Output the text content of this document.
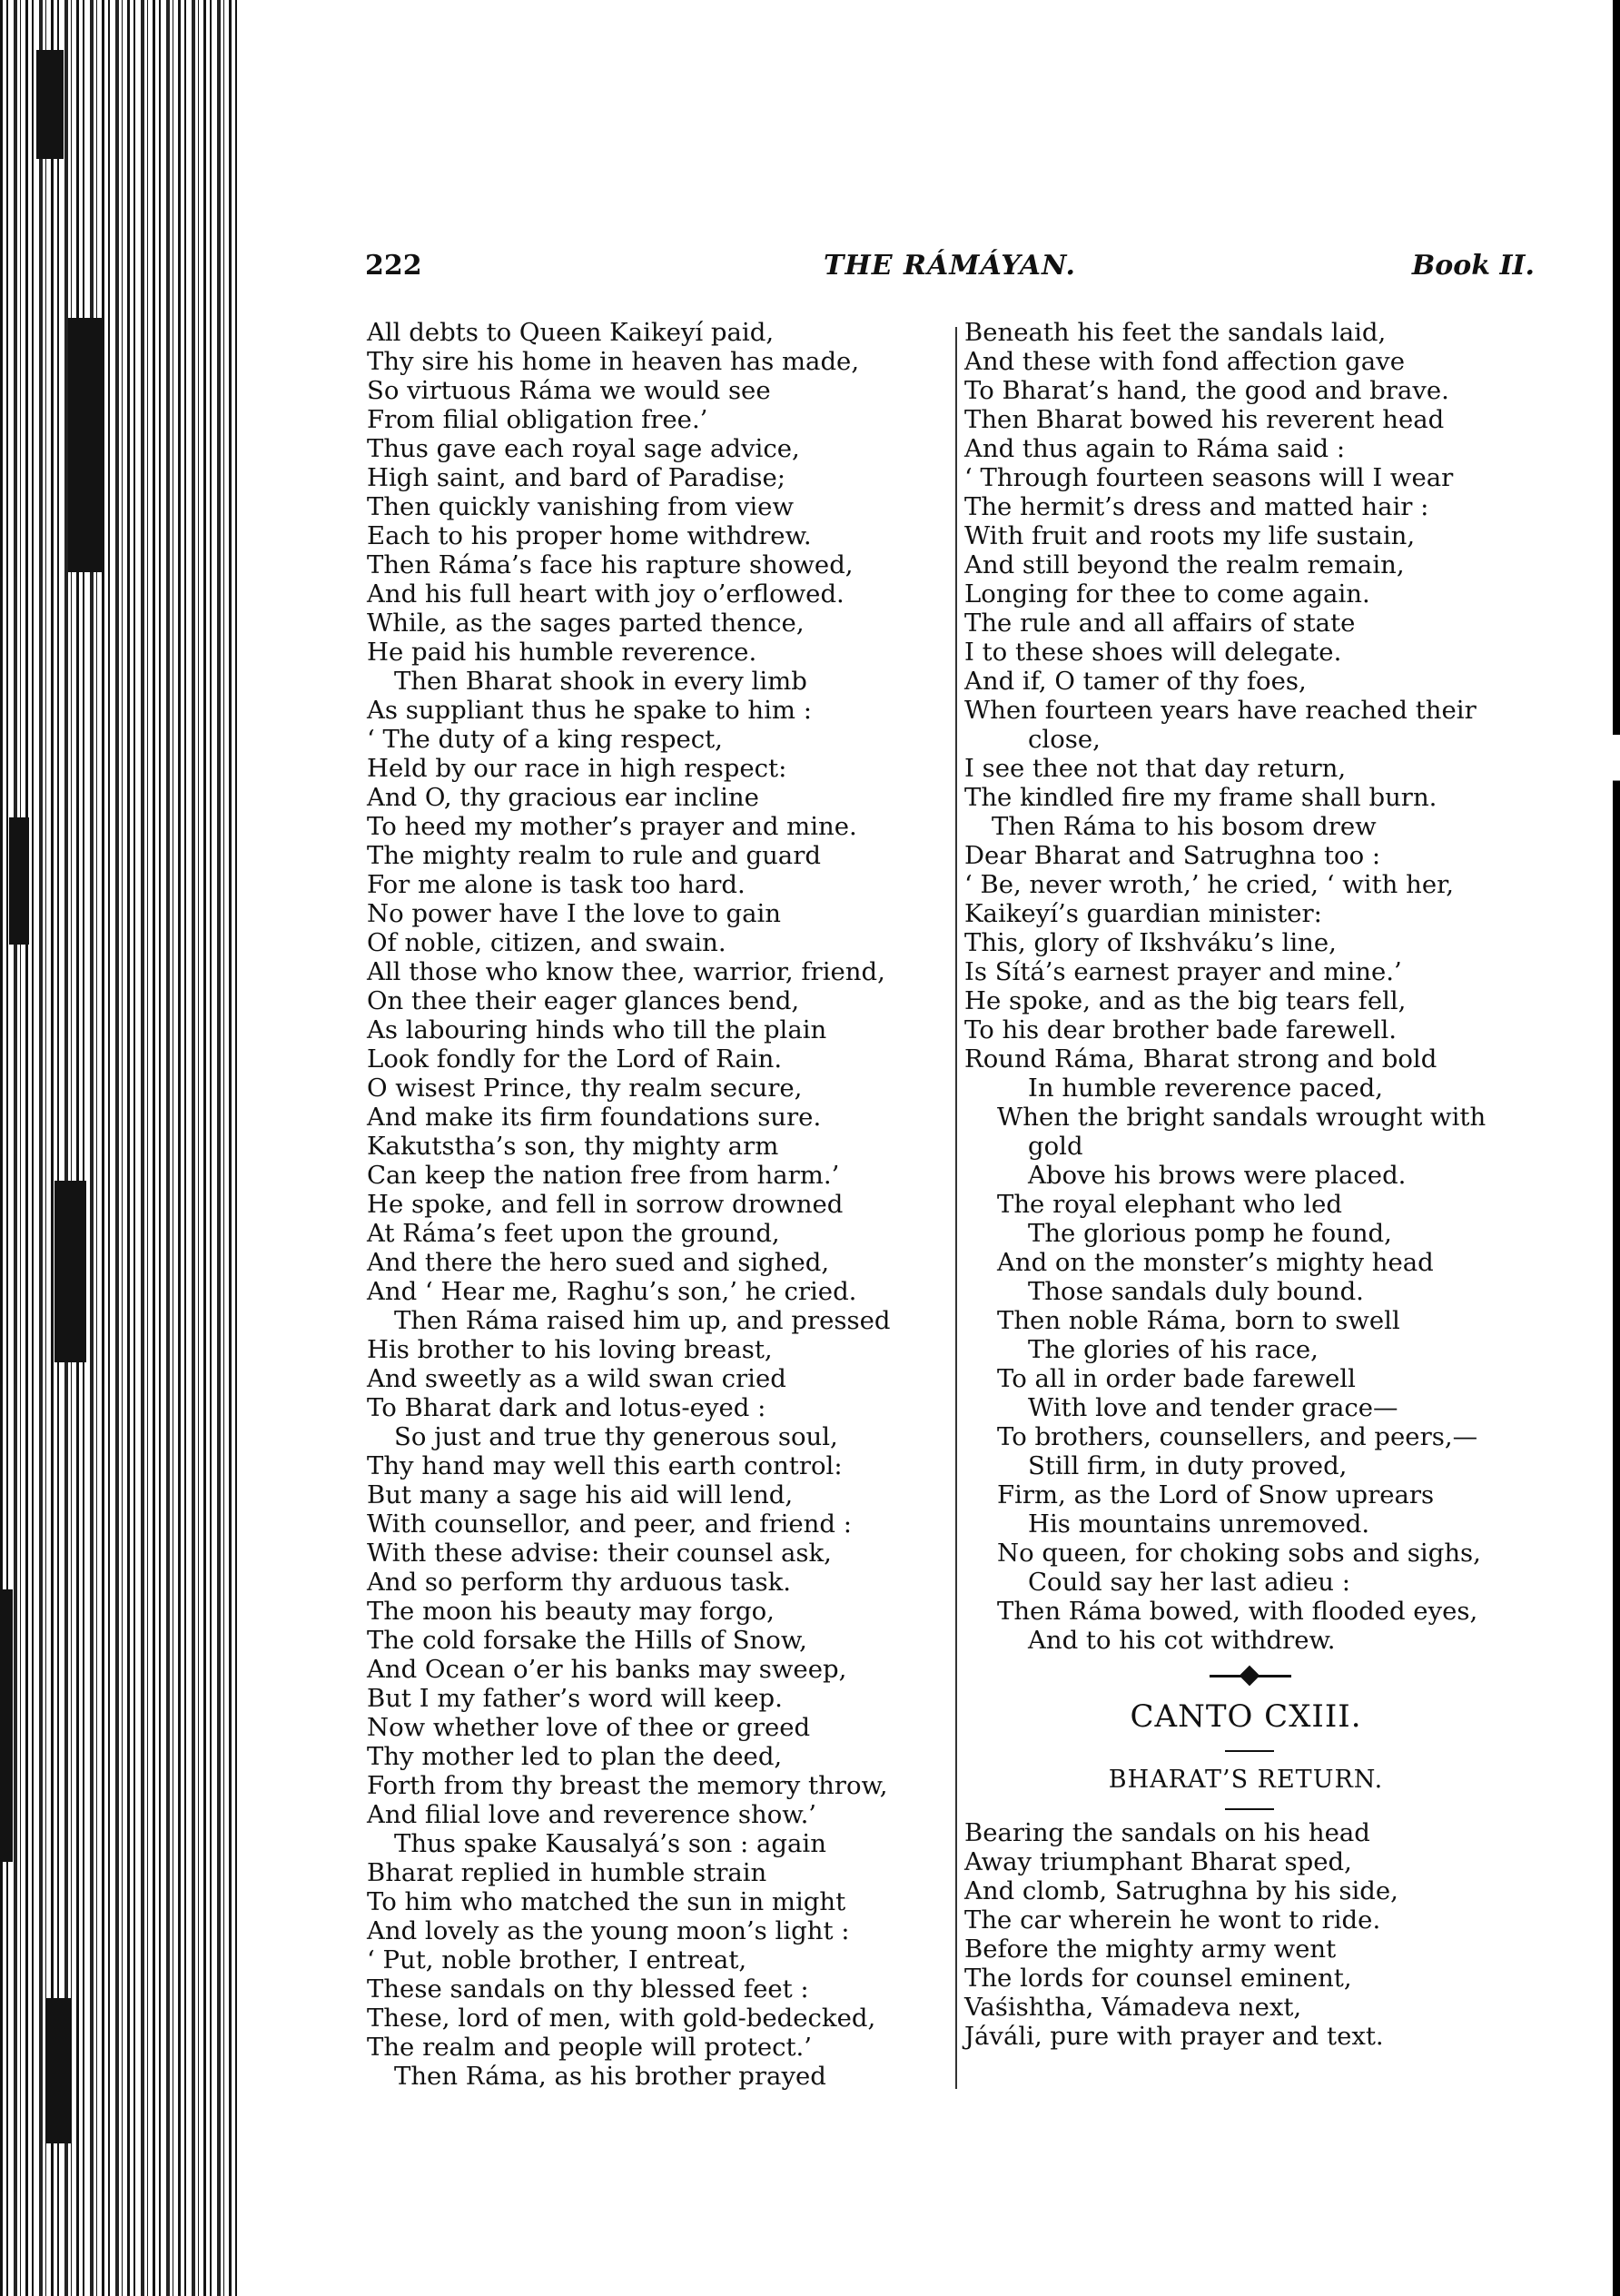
222	THE RÁMÁYAN.	Book II.
All debts to Queen Kaikeyí paid,
Thy sire his home in heaven has made,
So virtuous Ráma we would see
From filial obligation free.’
Thus gave each royal sage advice,
High saint, and bard of Paradise;
Then quickly vanishing from view
Each to his proper home withdrew.
Then Ráma’s face his rapture showed,
And his full heart with joy o’erflowed.
While, as the sages parted thence,
He paid his humble reverence.
Then Bharat shook in every limb
As suppliant thus he spake to him :
‘ The duty of a king respect,
Held by our race in high respect:
And O, thy gracious ear incline
To heed my mother’s prayer and mine.
The mighty realm to rule and guard
For me alone is task too hard.
No power have I the love to gain
Of noble, citizen, and swain.
All those who know thee, warrior, friend,
On thee their eager glances bend,
As labouring hinds who till the plain
Look fondly for the Lord of Rain.
O wisest Prince, thy realm secure,
And make its firm foundations sure.
Kakutstha’s son, thy mighty arm
Can keep the nation free from harm.’
He spoke, and fell in sorrow drowned
At Ráma’s feet upon the ground,
And there the hero sued and sighed,
And ‘ Hear me, Raghu’s son,’ he cried.
Then Ráma raised him up, and pressed
His brother to his loving breast,
And sweetly as a wild swan cried
To Bharat dark and lotus-eyed :
So just and true thy generous soul,
Thy hand may well this earth control:
But many a sage his aid will lend,
With counsellor, and peer, and friend :
With these advise: their counsel ask,
And so perform thy arduous task.
The moon his beauty may forgo,
The cold forsake the Hills of Snow,
And Ocean o’er his banks may sweep,
But I my father’s word will keep.
Now whether love of thee or greed
Thy mother led to plan the deed,
Forth from thy breast the memory throw,
And filial love and reverence show.’
Thus spake Kausalyá’s son : again
Bharat replied in humble strain
To him who matched the sun in might
And lovely as the young moon’s light :
‘ Put, noble brother, I entreat,
These sandals on thy blessed feet :
These, lord of men, with gold-bedecked,
The realm and people will protect.’
Then Ráma, as his brother prayed
Beneath his feet the sandals laid,
And these with fond affection gave
To Bharat’s hand, the good and brave.
Then Bharat bowed his reverent head
And thus again to Ráma said :
‘ Through fourteen seasons will I wear
The hermit’s dress and matted hair :
With fruit and roots my life sustain,
And still beyond the realm remain,
Longing for thee to come again.
The rule and all affairs of state
I to these shoes will delegate.
And if, O tamer of thy foes,
When fourteen years have reached their
close,
I see thee not that day return,
The kindled fire my frame shall burn.
Then Ráma to his bosom drew
Dear Bharat and Satrughna too :
‘ Be, never wroth,’ he cried, ‘ with her,
Kaikeyí’s guardian minister:
This, glory of Ikshváku’s line,
Is Sítá’s earnest prayer and mine.’
He spoke, and as the big tears fell,
To his dear brother bade farewell.
Round Ráma, Bharat strong and bold
In humble reverence paced,
When the bright sandals wrought with
gold
Above his brows were placed.
The royal elephant who led
The glorious pomp he found,
And on the monster’s mighty head
Those sandals duly bound.
Then noble Ráma, born to swell
The glories of his race,
To all in order bade farewell
With love and tender grace—
To brothers, counsellers, and peers,—
Still firm, in duty proved,
Firm, as the Lord of Snow uprears
His mountains unremoved.
No queen, for choking sobs and sighs,
Could say her last adieu :
Then Ráma bowed, with flooded eyes,
And to his cot withdrew.
CANTO CXIII.
BHARAT’S RETURN.
Bearing the sandals on his head
Away triumphant Bharat sped,
And clomb, Satrughna by his side,
The car wherein he wont to ride.
Before the mighty army went
The lords for counsel eminent,
Vaśishtha, Vámadeva next,
Jáváli, pure with prayer and text.
